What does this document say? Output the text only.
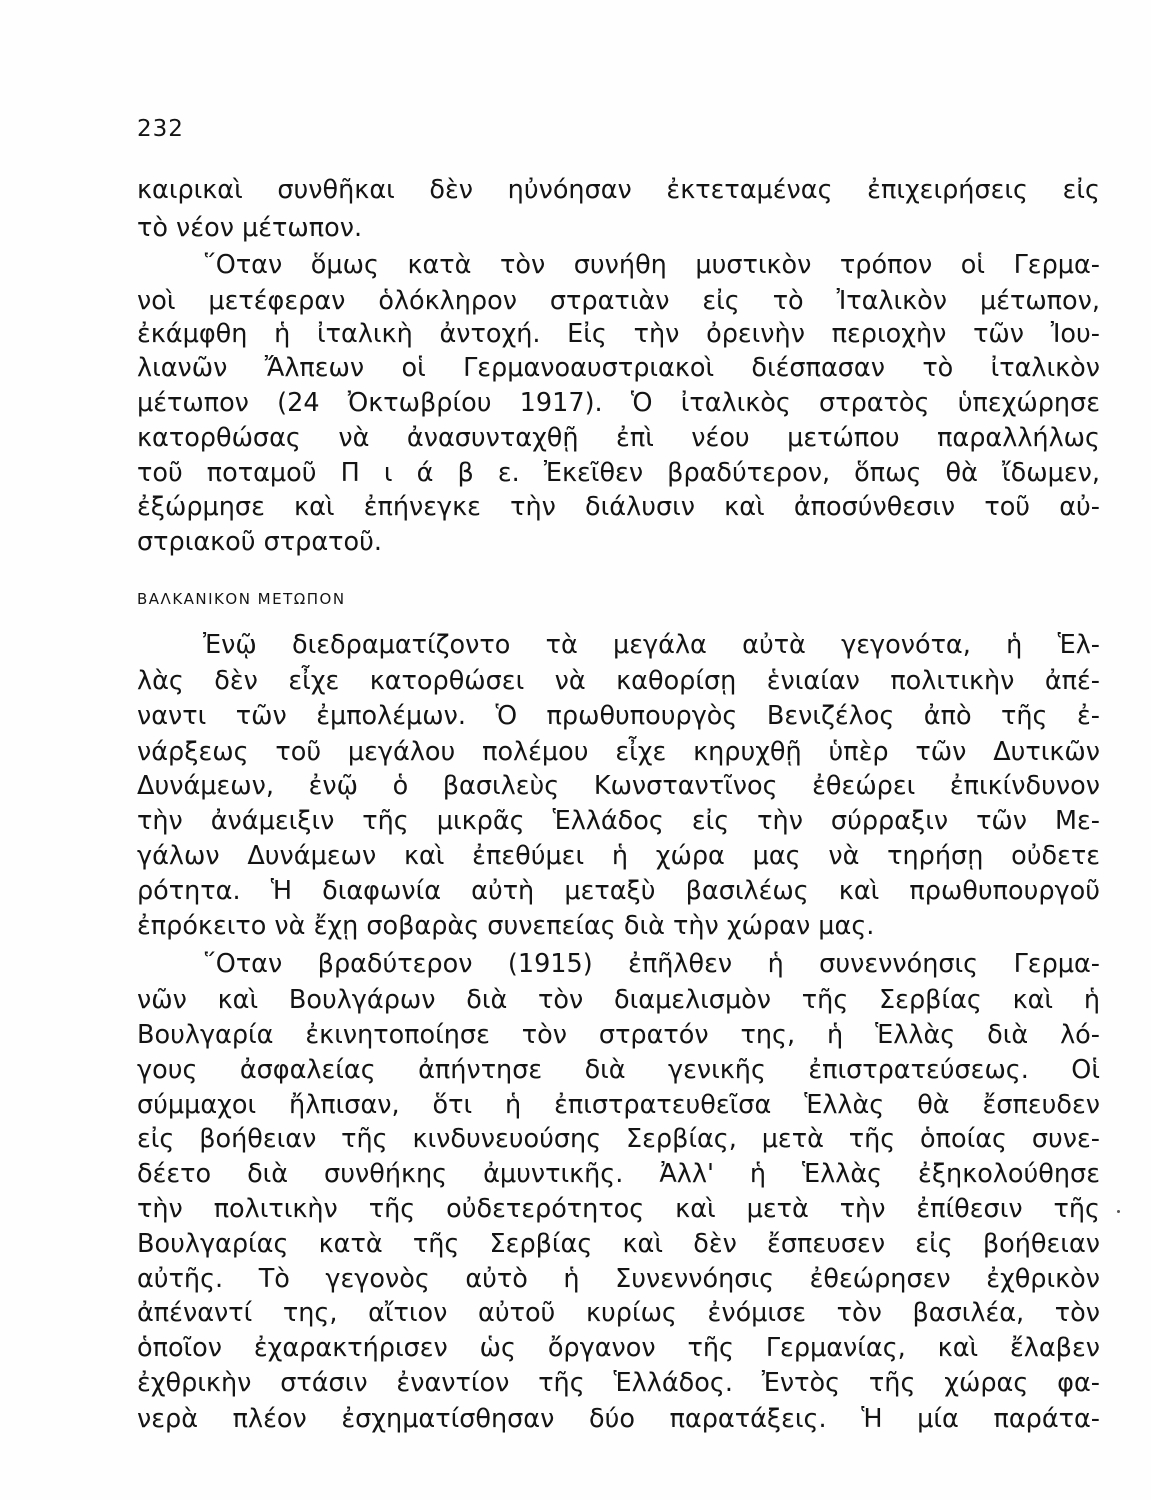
232
καιρικαὶ συνθῆκαι δὲν ηὐνόησαν ἐκτεταμένας ἐπιχειρήσεις εἰς
τὸ νέον μέτωπον.
῞Οταν ὅμως κατὰ τὸν συνήθη μυστικὸν τρόπον οἱ Γερμα-
νοὶ μετέφεραν ὁλόκληρον στρατιὰν εἰς τὸ Ἰταλικὸν μέτωπον,
ἐκάμφθη ἡ ἰταλικὴ ἀντοχή. Εἰς τὴν ὀρεινὴν περιοχὴν τῶν Ἰου-
λιανῶν Ἄλπεων οἱ Γερμανοαυστριακοὶ διέσπασαν τὸ ἰταλικὸν
μέτωπον (24 Ὀκτωβρίου 1917). Ὁ ἰταλικὸς στρατὸς ὑπεχώρησε
κατορθώσας νὰ ἀνασυνταχθῇ ἐπὶ νέου μετώπου παραλλήλως
τοῦ ποταμοῦ Π ι ά β ε. Ἐκεῖθεν βραδύτερον, ὅπως θὰ ἴδωμεν,
ἐξώρμησε καὶ ἐπήνεγκε τὴν διάλυσιν καὶ ἀποσύνθεσιν τοῦ αὐ-
στριακοῦ στρατοῦ.
ΒΑΛΚΑΝΙΚΟΝ ΜΕΤΩΠΟΝ
Ἐνῷ διεδραματίζοντο τὰ μεγάλα αὐτὰ γεγονότα, ἡ Ἑλ-
λὰς δὲν εἶχε κατορθώσει νὰ καθορίσῃ ἑνιαίαν πολιτικὴν ἀπέ-
ναντι τῶν ἐμπολέμων. Ὁ πρωθυπουργὸς Βενιζέλος ἀπὸ τῆς ἐ-
νάρξεως τοῦ μεγάλου πολέμου εἶχε κηρυχθῇ ὑπὲρ τῶν Δυτικῶν
Δυνάμεων, ἐνῷ ὁ βασιλεὺς Κωνσταντῖνος ἐθεώρει ἐπικίνδυνον
τὴν ἀνάμειξιν τῆς μικρᾶς Ἑλλάδος εἰς τὴν σύρραξιν τῶν Με-
γάλων Δυνάμεων καὶ ἐπεθύμει ἡ χώρα μας νὰ τηρήσῃ οὐδετε
ρότητα. Ἡ διαφωνία αὐτὴ μεταξὺ βασιλέως καὶ πρωθυπουργοῦ
ἐπρόκειτο νὰ ἔχῃ σοβαρὰς συνεπείας διὰ τὴν χώραν μας.
῞Οταν βραδύτερον (1915) ἐπῆλθεν ἡ συνεννόησις Γερμα-
νῶν καὶ Βουλγάρων διὰ τὸν διαμελισμὸν τῆς Σερβίας καὶ ἡ
Βουλγαρία ἐκινητοποίησε τὸν στρατόν της, ἡ Ἑλλὰς διὰ λό-
γους ἀσφαλείας ἀπήντησε διὰ γενικῆς ἐπιστρατεύσεως. Οἱ
σύμμαχοι ἤλπισαν, ὅτι ἡ ἐπιστρατευθεῖσα Ἑλλὰς θὰ ἔσπευδεν
εἰς βοήθειαν τῆς κινδυνευούσης Σερβίας, μετὰ τῆς ὁποίας συνε-
δέετο διὰ συνθήκης ἀμυντικῆς. Ἀλλ' ἡ Ἑλλὰς ἐξηκολούθησε
τὴν πολιτικὴν τῆς οὐδετερότητος καὶ μετὰ τὴν ἐπίθεσιν τῆς
Βουλγαρίας κατὰ τῆς Σερβίας καὶ δὲν ἔσπευσεν εἰς βοήθειαν
αὐτῆς. Τὸ γεγονὸς αὐτὸ ἡ Συνεννόησις ἐθεώρησεν ἐχθρικὸν
ἀπέναντί της, αἴτιον αὐτοῦ κυρίως ἐνόμισε τὸν βασιλέα, τὸν
ὁποῖον ἐχαρακτήρισεν ὡς ὄργανον τῆς Γερμανίας, καὶ ἔλαβεν
ἐχθρικὴν στάσιν ἐναντίον τῆς Ἑλλάδος. Ἐντὸς τῆς χώρας φα-
νερὰ πλέον ἐσχηματίσθησαν δύο παρατάξεις. Ἡ μία παράτα-
